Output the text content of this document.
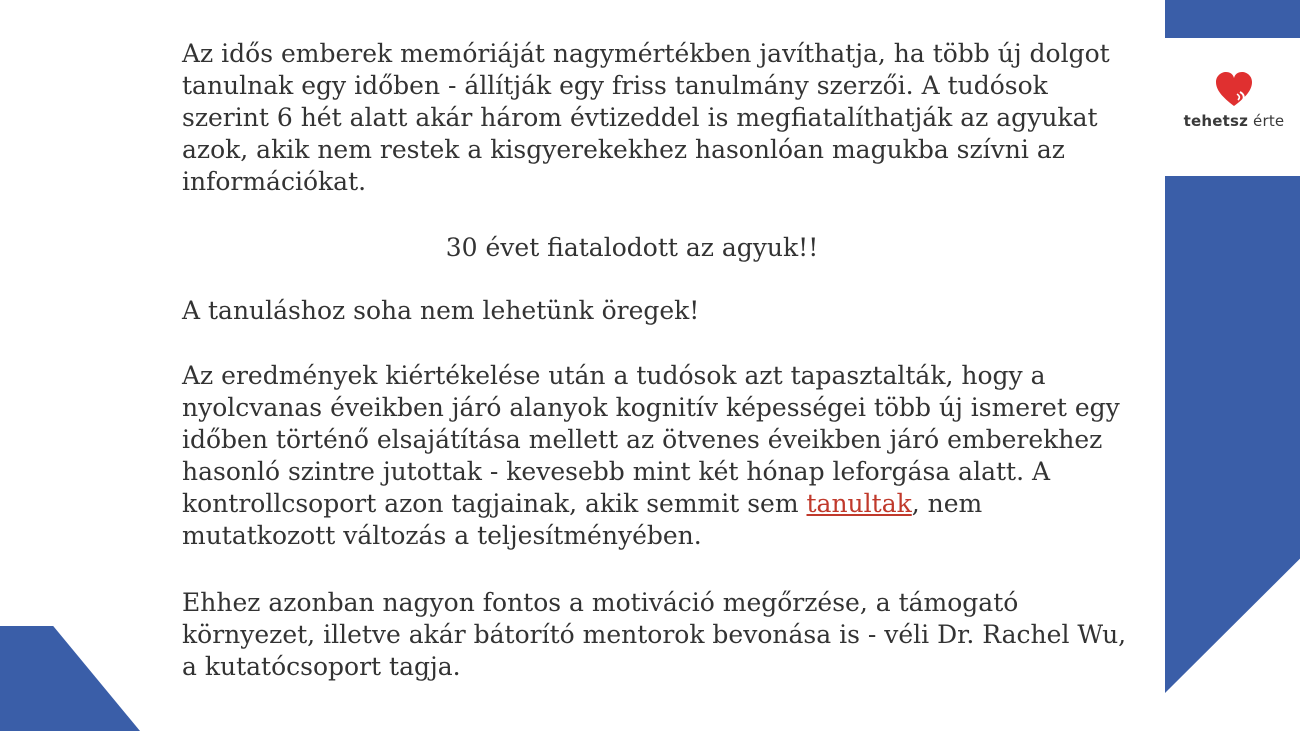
tehetsz érte

Az idős emberek memóriáját nagymértékben javíthatja, ha több új dolgot tanulnak egy időben - állítják egy friss tanulmány szerzői. A tudósok szerint 6 hét alatt akár három évtizeddel is megfiatalíthatják az agyukat azok, akik nem restek a kisgyerekekhez hasonlóan magukba szívni az információkat.

30 évet fiatalodott az agyuk!!

A tanuláshoz soha nem lehetünk öregek!

Az eredmények kiértékelése után a tudósok azt tapasztalták, hogy a nyolcvanas éveikben járó alanyok kognitív képességei több új ismeret egy időben történő elsajátítása mellett az ötvenes éveikben járó emberekhez hasonló szintre jutottak - kevesebb mint két hónap leforgása alatt. A kontrollcsoport azon tagjainak, akik semmit sem tanultak, nem mutatkozott változás a teljesítményében.

Ehhez azonban nagyon fontos a motiváció megőrzése, a támogató környezet, illetve akár bátorító mentorok bevonása is - véli Dr. Rachel Wu, a kutatócsoport tagja.
